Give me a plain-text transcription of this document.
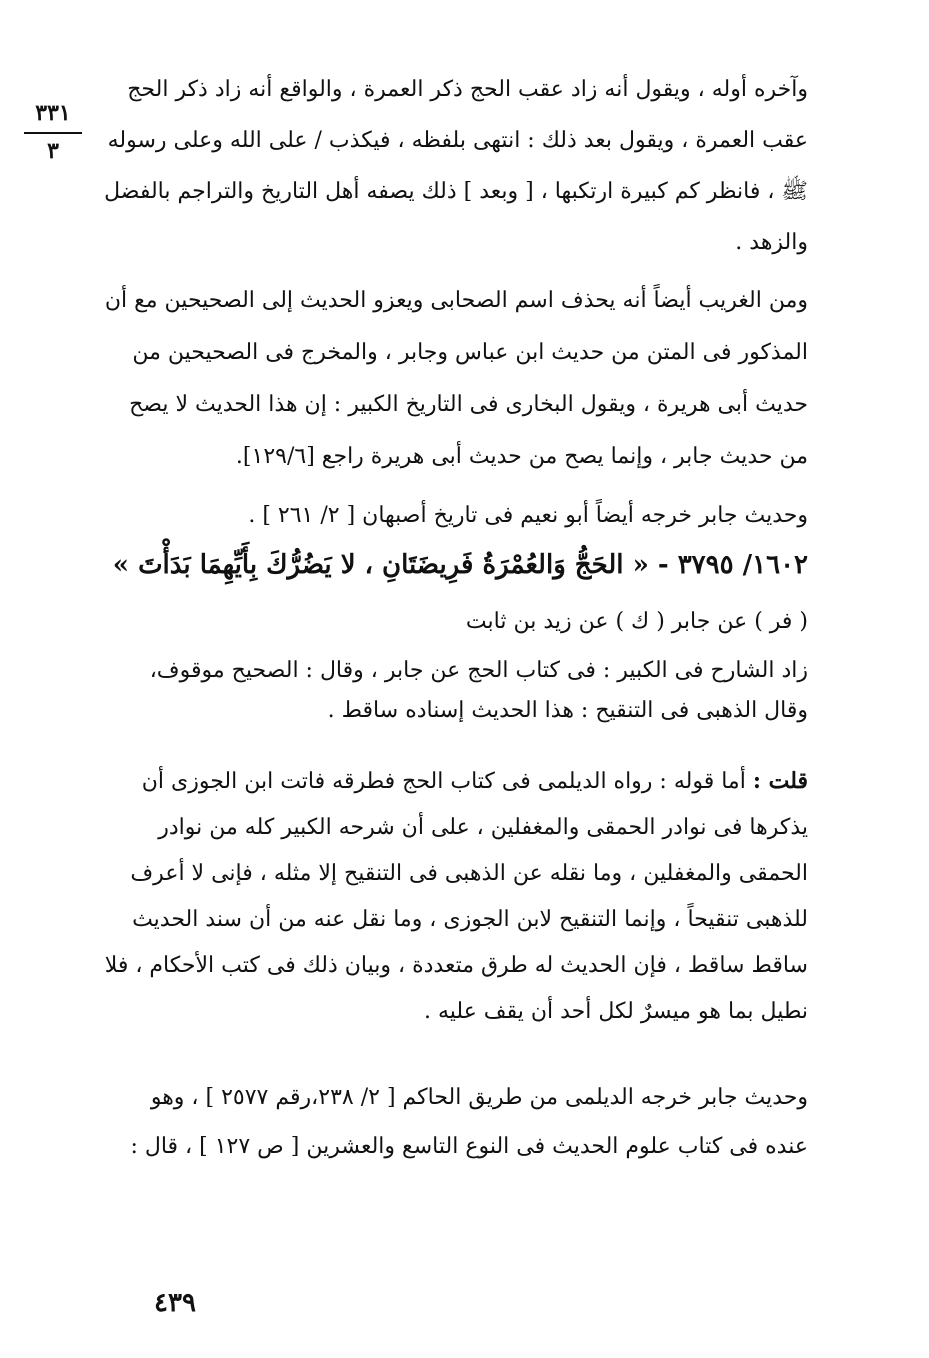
٣٣١
٣
وآخره أوله ، ويقول أنه زاد عقب الحج ذكر العمرة ، والواقع أنه زاد ذكر الحج عقب العمرة ، ويقول بعد ذلك : انتهى بلفظه ، فيكذب / على الله وعلى رسوله ﷺ ، فانظر كم كبيرة ارتكبها ، [ وبعد ] ذلك يصفه أهل التاريخ والتراجم بالفضل والزهد .
ومن الغريب أيضاً أنه يحذف اسم الصحابى ويعزو الحديث إلى الصحيحين مع أن المذكور فى المتن من حديث ابن عباس وجابر ، والمخرج فى الصحيحين من حديث أبى هريرة ، ويقول البخارى فى التاريخ الكبير : إن هذا الحديث لا يصح من حديث جابر ، وإنما يصح من حديث أبى هريرة راجع [١٢٩/٦].
وحديث جابر خرجه أيضاً أبو نعيم فى تاريخ أصبهان [ ٢/ ٢٦١ ] .
١٦٠٢/ ٣٧٩٥ - « الحَجُّ وَالعُمْرَةُ فَرِيضَتَانِ ، لا يَضُرُّكَ بِأَيِّهِمَا بَدَأْتَ »
( فر ) عن جابر ( ك ) عن زيد بن ثابت
زاد الشارح فى الكبير : فى كتاب الحج عن جابر ، وقال : الصحيح موقوف، وقال الذهبى فى التنقيح : هذا الحديث إسناده ساقط .
قلت : أما قوله : رواه الديلمى فى كتاب الحج فطرقه فاتت ابن الجوزى أن يذكرها فى نوادر الحمقى والمغفلين ، على أن شرحه الكبير كله من نوادر الحمقى والمغفلين ، وما نقله عن الذهبى فى التنقيح إلا مثله ، فإنى لا أعرف للذهبى تنقيحاً ، وإنما التنقيح لابن الجوزى ، وما نقل عنه من أن سند الحديث ساقط ساقط ، فإن الحديث له طرق متعددة ، وبيان ذلك فى كتب الأحكام ، فلا نطيل بما هو ميسرٌ لكل أحد أن يقف عليه .
وحديث جابر خرجه الديلمى من طريق الحاكم [ ٢/ ٢٣٨،رقم ٢٥٧٧ ] ، وهو عنده فى كتاب علوم الحديث فى النوع التاسع والعشرين [ ص ١٢٧ ] ، قال :
٤٣٩
